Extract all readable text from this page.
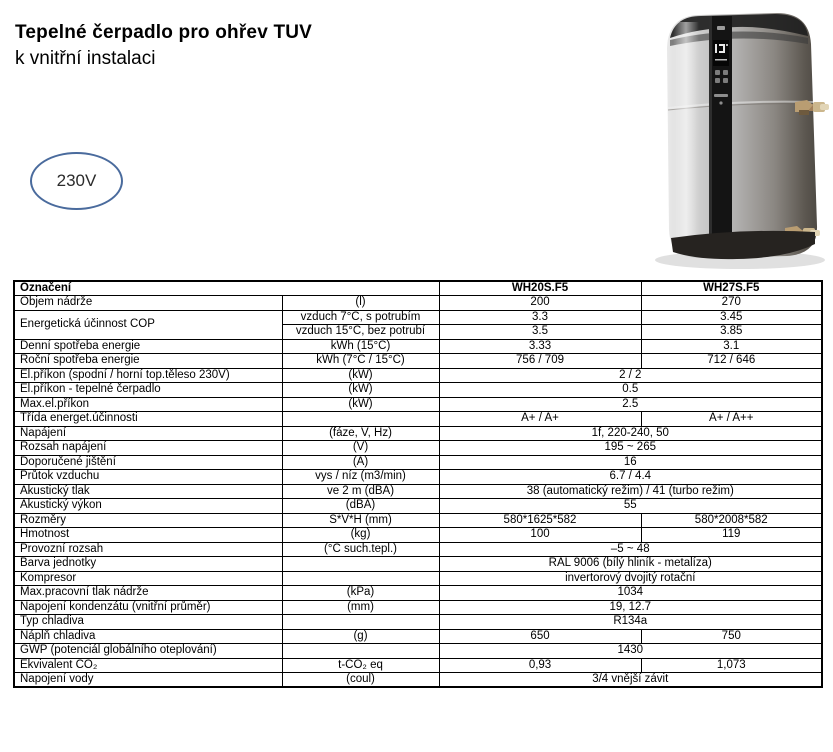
Tepelné čerpadlo pro ohřev TUV
k vnitřní instalaci
230V
Označení		WH20S.F5	WH27S.F5
Objem nádrže	(l)	200	270
Energetická účinnost COP	vzduch 7°C, s potrubím	3.3	3.45
	vzduch 15°C, bez potrubí	3.5	3.85
Denní spotřeba energie	kWh (15°C)	3.33	3.1
Roční spotřeba energie	kWh (7°C / 15°C)	756 / 709	712 / 646
El.příkon (spodní / horní top.těleso 230V)	(kW)	2 / 2	
El.příkon - tepelné čerpadlo	(kW)	0.5	
Max.el.příkon	(kW)	2.5	
Třída energet.účinnosti		A+ / A+	A+ / A++
Napájení	(fáze, V, Hz)	1f, 220-240, 50	
Rozsah napájení	(V)	195 ~ 265	
Doporučené jištění	(A)	16	
Průtok vzduchu	vys / níz (m3/min)	6.7 / 4.4	
Akustický tlak	ve 2 m (dBA)	38 (automatický režim) / 41 (turbo režim)	
Akustický výkon	(dBA)	55	
Rozměry	Š*V*H (mm)	580*1625*582	580*2008*582
Hmotnost	(kg)	100	119
Provozní rozsah	(°C such.tepl.)	–5 ~ 48	
Barva jednotky		RAL 9006 (bílý hliník - metalíza)	
Kompresor		invertorový dvojitý rotační	
Max.pracovní tlak nádrže	(kPa)	1034	
Napojení kondenzátu (vnitřní průměr)	(mm)	19, 12.7	
Typ chladiva		R134a	
Náplň chladiva	(g)	650	750
GWP (potenciál globálního oteplování)		1430	
Ekvivalent CO₂	t-CO₂ eq	0,93	1,073
Napojení vody	(coul)	3/4 vnější závit	
